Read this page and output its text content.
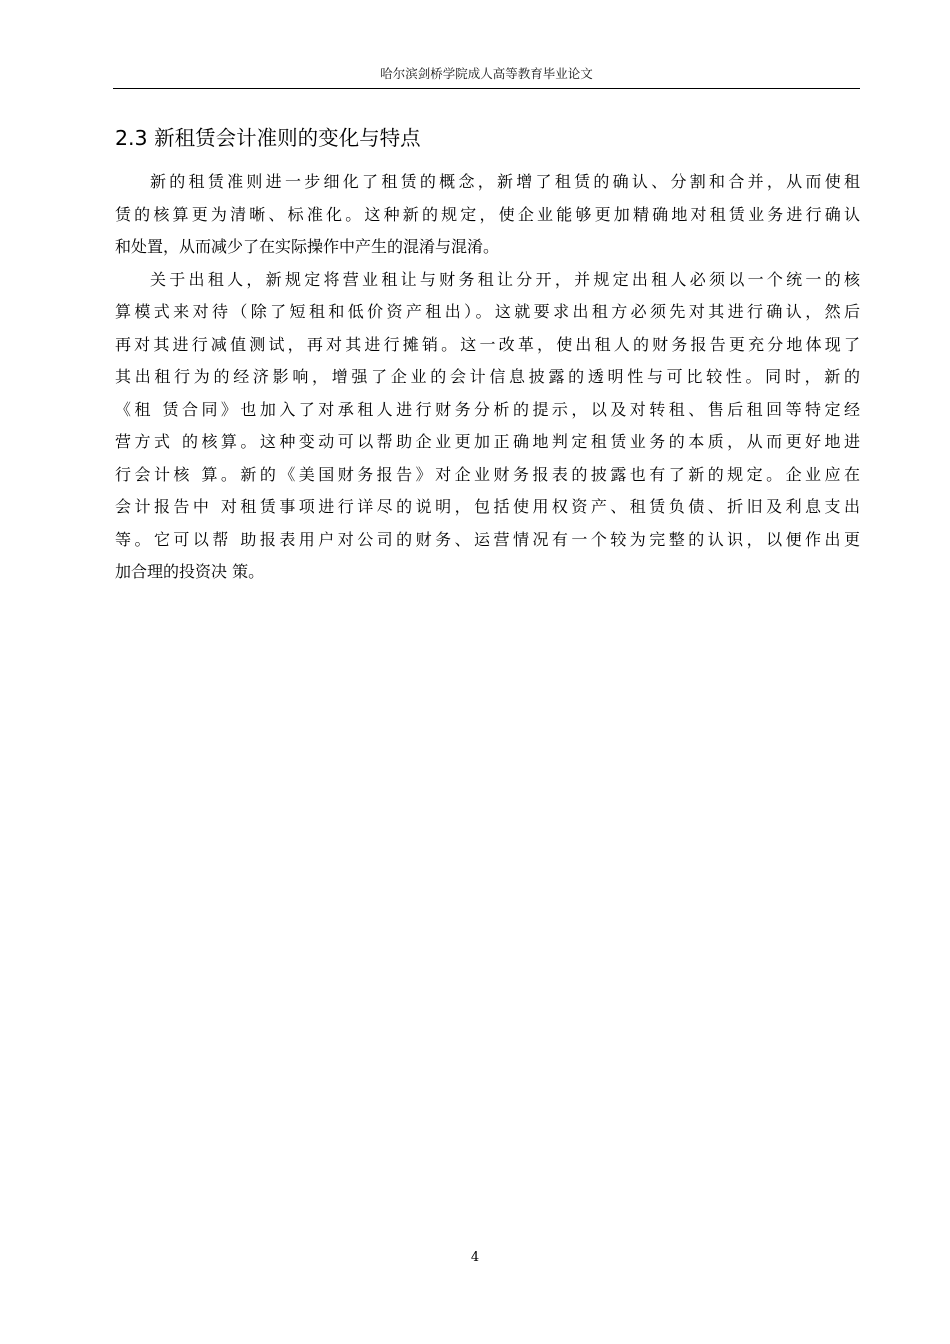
哈尔滨剑桥学院成人高等教育毕业论文
2.3 新租赁会计准则的变化与特点

新的租赁准则进一步细化了租赁的概念，新增了租赁的确认、分割和合并，从而使租
赁的核算更为清晰、标准化。这种新的规定，使企业能够更加精确地对租赁业务进行确认
和处置，从而减少了在实际操作中产生的混淆与混淆。

关于出租人，新规定将营业租让与财务租让分开，并规定出租人必须以一个统一的核
算模式来对待（除了短租和低价资产租出）。这就要求出租方必须先对其进行确认，然后
再对其进行减值测试，再对其进行摊销。这一改革，使出租人的财务报告更充分地体现了
其出租行为的经济影响，增强了企业的会计信息披露的透明性与可比较性。同时，新的
《租 赁合同》也加入了对承租人进行财务分析的提示，以及对转租、售后租回等特定经
营方式 的核算。这种变动可以帮助企业更加正确地判定租赁业务的本质，从而更好地进
行会计核 算。新的《美国财务报告》对企业财务报表的披露也有了新的规定。企业应在
会计报告中 对租赁事项进行详尽的说明，包括使用权资产、租赁负债、折旧及利息支出
等。它可以帮 助报表用户对公司的财务、运营情况有一个较为完整的认识，以便作出更
加合理的投资决 策。

4
